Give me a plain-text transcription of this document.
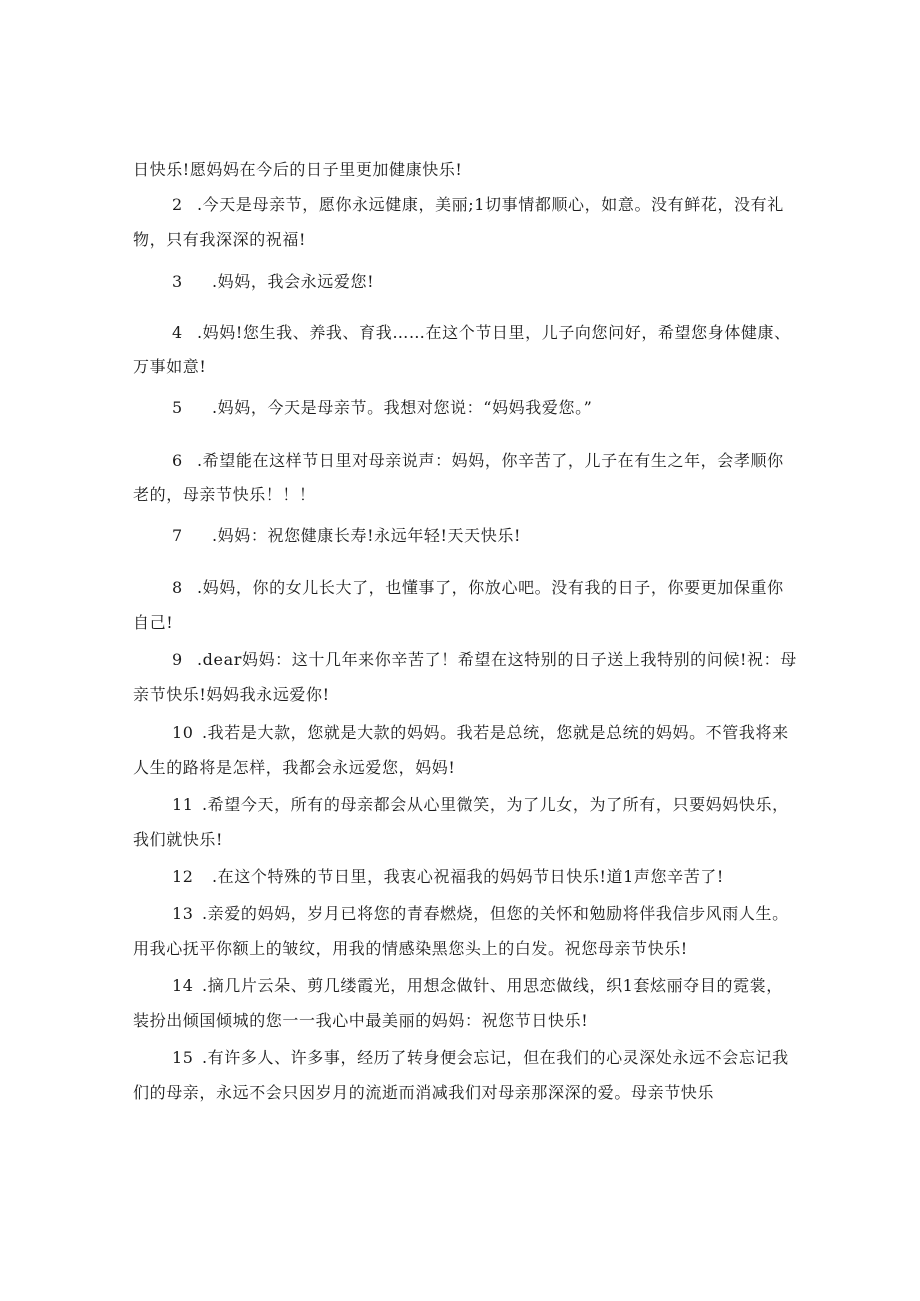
日快乐!愿妈妈在今后的日子里更加健康快乐!
2 .今天是母亲节，愿你永远健康，美丽;1切事情都顺心，如意。没有鲜花，没有礼
物，只有我深深的祝福!
3 .妈妈，我会永远爱您!
4 .妈妈!您生我、养我、育我……在这个节日里，儿子向您问好，希望您身体健康、
万事如意!
5 .妈妈，今天是母亲节。我想对您说：“妈妈我爱您。”
6 .希望能在这样节日里对母亲说声：妈妈，你辛苦了，儿子在有生之年，会孝顺你
老的，母亲节快乐！！！
7 .妈妈：祝您健康长寿!永远年轻!天天快乐!
8 .妈妈，你的女儿长大了，也懂事了，你放心吧。没有我的日子，你要更加保重你
自己!
9 .dear妈妈：这十几年来你辛苦了！希望在这特别的日子送上我特别的问候!祝：母
亲节快乐!妈妈我永远爱你!
10 .我若是大款，您就是大款的妈妈。我若是总统，您就是总统的妈妈。不管我将来
人生的路将是怎样，我都会永远爱您，妈妈!
11 .希望今天，所有的母亲都会从心里微笑，为了儿女，为了所有，只要妈妈快乐，
我们就快乐!
12 .在这个特殊的节日里，我衷心祝福我的妈妈节日快乐!道1声您辛苦了!
13 .亲爱的妈妈，岁月已将您的青春燃烧，但您的关怀和勉励将伴我信步风雨人生。
用我心抚平你额上的皱纹，用我的情感染黑您头上的白发。祝您母亲节快乐!
14 .摘几片云朵、剪几缕霞光，用想念做针、用思恋做线，织1套炫丽夺目的霓裳，
装扮出倾国倾城的您一一我心中最美丽的妈妈：祝您节日快乐!
15 .有许多人、许多事，经历了转身便会忘记，但在我们的心灵深处永远不会忘记我
们的母亲，永远不会只因岁月的流逝而消减我们对母亲那深深的爱。母亲节快乐
